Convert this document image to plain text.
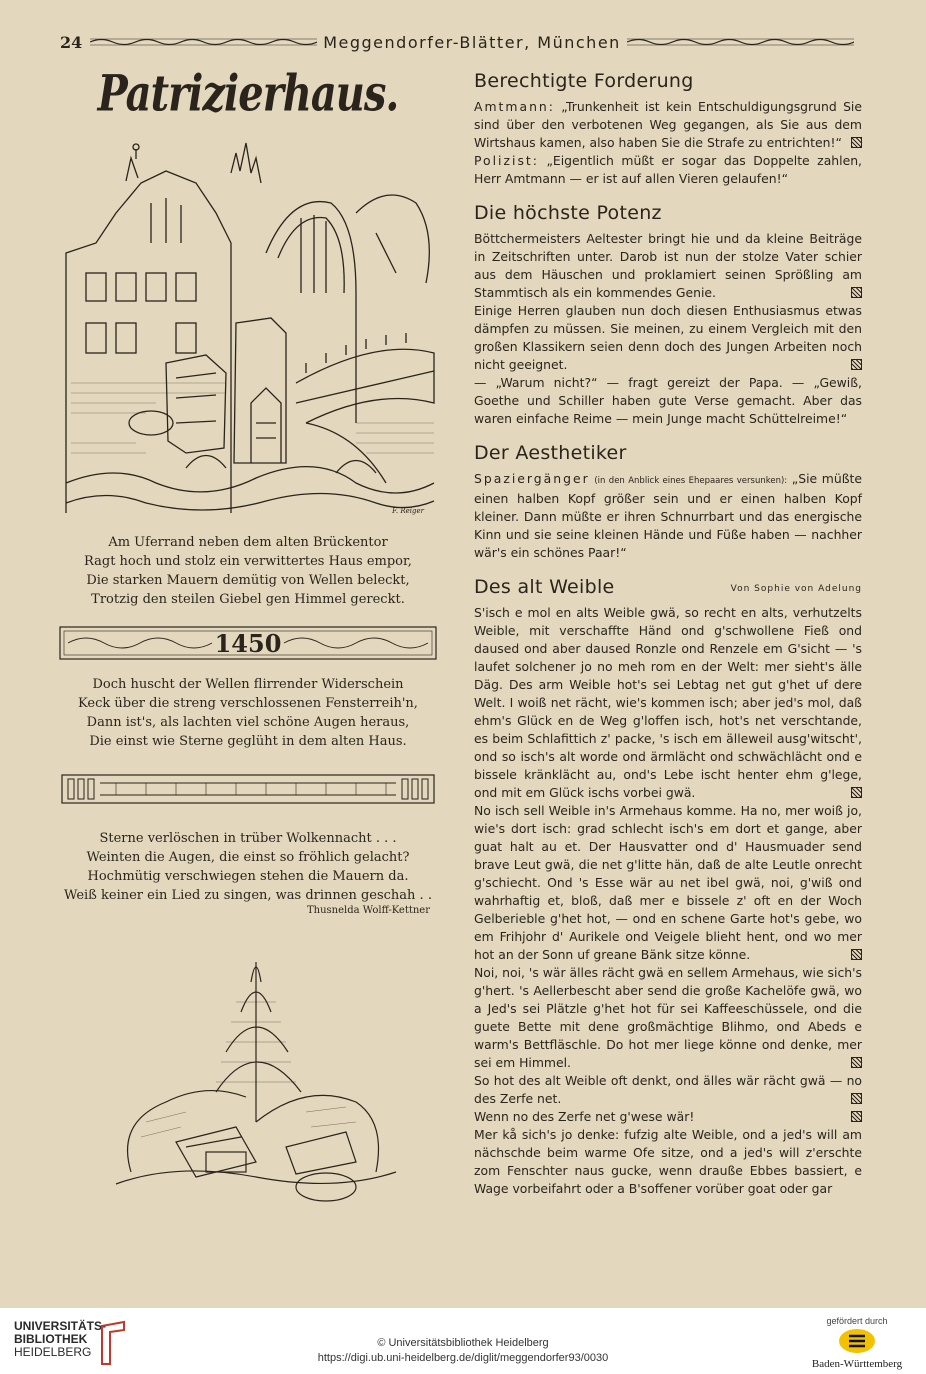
24	Meggendorfer-Blätter, München
Patrizierhaus.
F. Reiger

Am Uferrand neben dem alten Brückentor

Ragt hoch und stolz ein verwittertes Haus empor,

Die starken Mauern demütig von Wellen beleckt,

Trotzig den steilen Giebel gen Himmel gereckt.

1450

Doch huscht der Wellen flirrender Widerschein

Keck über die streng verschlossenen Fensterreih'n,

Dann ist's, als lachten viel schöne Augen heraus,

Die einst wie Sterne geglüht in dem alten Haus.

Sterne verlöschen in trüber Wolkennacht . . .

Weinten die Augen, die einst so fröhlich gelacht?

Hochmütig verschwiegen stehen die Mauern da.

Weiß keiner ein Lied zu singen, was drinnen geschah . .

Thusnelda Wolff-Kettner
Berechtigte Forderung

Amtmann: „Trunkenheit ist kein Entschuldigungsgrund Sie sind über den verbotenen Weg gegangen, als Sie aus dem Wirtshaus kamen, also haben Sie die Strafe zu entrichten!“

Polizist: „Eigentlich müßt er sogar das Doppelte zahlen, Herr Amtmann — er ist auf allen Vieren gelaufen!“

Die höchste Potenz

Böttchermeisters Aeltester bringt hie und da kleine Beiträge in Zeitschriften unter. Darob ist nun der stolze Vater schier aus dem Häuschen und proklamiert seinen Sprößling am Stammtisch als ein kommendes Genie.

Einige Herren glauben nun doch diesen Enthusiasmus etwas dämpfen zu müssen. Sie meinen, zu einem Vergleich mit den großen Klassikern seien denn doch des Jungen Arbeiten noch nicht geeignet.

— „Warum nicht?“ — fragt gereizt der Papa. — „Gewiß, Goethe und Schiller haben gute Verse gemacht. Aber das waren einfache Reime — mein Junge macht Schüttelreime!“

Der Aesthetiker

Spaziergänger (in den Anblick eines Ehepaares versunken): „Sie müßte einen halben Kopf größer sein und er einen halben Kopf kleiner. Dann müßte er ihren Schnurrbart und das energische Kinn und sie seine kleinen Hände und Füße haben — nachher wär's ein schönes Paar!“

Des alt Weible	Von Sophie von Adelung

S'isch e mol en alts Weible gwä, so recht en alts, verhutzelts Weible, mit verschaffte Händ ond g'schwollene Fieß ond daused ond aber daused Ronzle ond Renzele em G'sicht — 's laufet solchener jo no meh rom en der Welt: mer sieht's älle Däg. Des arm Weible hot's sei Lebtag net gut g'het uf dere Welt. I woiß net rächt, wie's kommen isch; aber jed's mol, daß ehm's Glück en de Weg g'loffen isch, hot's net verschtande, es beim Schlafittich z' packe, 's isch em älleweil ausg'witscht', ond so isch's alt worde ond ärmlächt ond schwächlächt ond e bissele kränklächt au, ond's Lebe ischt henter ehm g'lege, ond mit em Glück ischs vorbei gwä.

No isch sell Weible in's Armehaus komme. Ha no, mer woiß jo, wie's dort isch: grad schlecht isch's em dort et gange, aber guat halt au et. Der Hausvatter ond d' Hausmuader send brave Leut gwä, die net g'litte hän, daß de alte Leutle onrecht g'schiecht. Ond 's Esse wär au net ibel gwä, noi, g'wiß ond wahrhaftig et, bloß, daß mer e bissele z' oft en der Woch Gelberieble g'het hot, — ond en schene Garte hot's gebe, wo em Frihjohr d' Aurikele ond Veigele blieht hent, ond wo mer hot an der Sonn uf greane Bänk sitze könne.

Noi, noi, 's wär älles rächt gwä en sellem Armehaus, wie sich's g'hert. 's Aellerbescht aber send die große Kachelöfe gwä, wo a Jed's sei Plätzle g'het hot für sei Kaffeeschüssele, ond die guete Bette mit dene großmächtige Blihmo, ond Abeds e warm's Bettfläschle. Do hot mer liege könne ond denke, mer sei em Himmel.

So hot des alt Weible oft denkt, ond älles wär rächt gwä — no des Zerfe net.

Wenn no des Zerfe net g'wese wär!

Mer kå sich's jo denke: fufzig alte Weible, ond a jed's will am nächschde beim warme Ofe sitze, ond a jed's will z'erschte zom Fenschter naus gucke, wenn drauße Ebbes bassiert, e Wage vorbeifahrt oder a B'soffener vorüber goat oder gar

UNIVERSITÄTS-
BIBLIOTHEK
HEIDELBERG
© Universitätsbibliothek Heidelberg
https://digi.ub.uni-heidelberg.de/diglit/meggendorfer93/0030
gefördert durch
Baden-Württemberg
